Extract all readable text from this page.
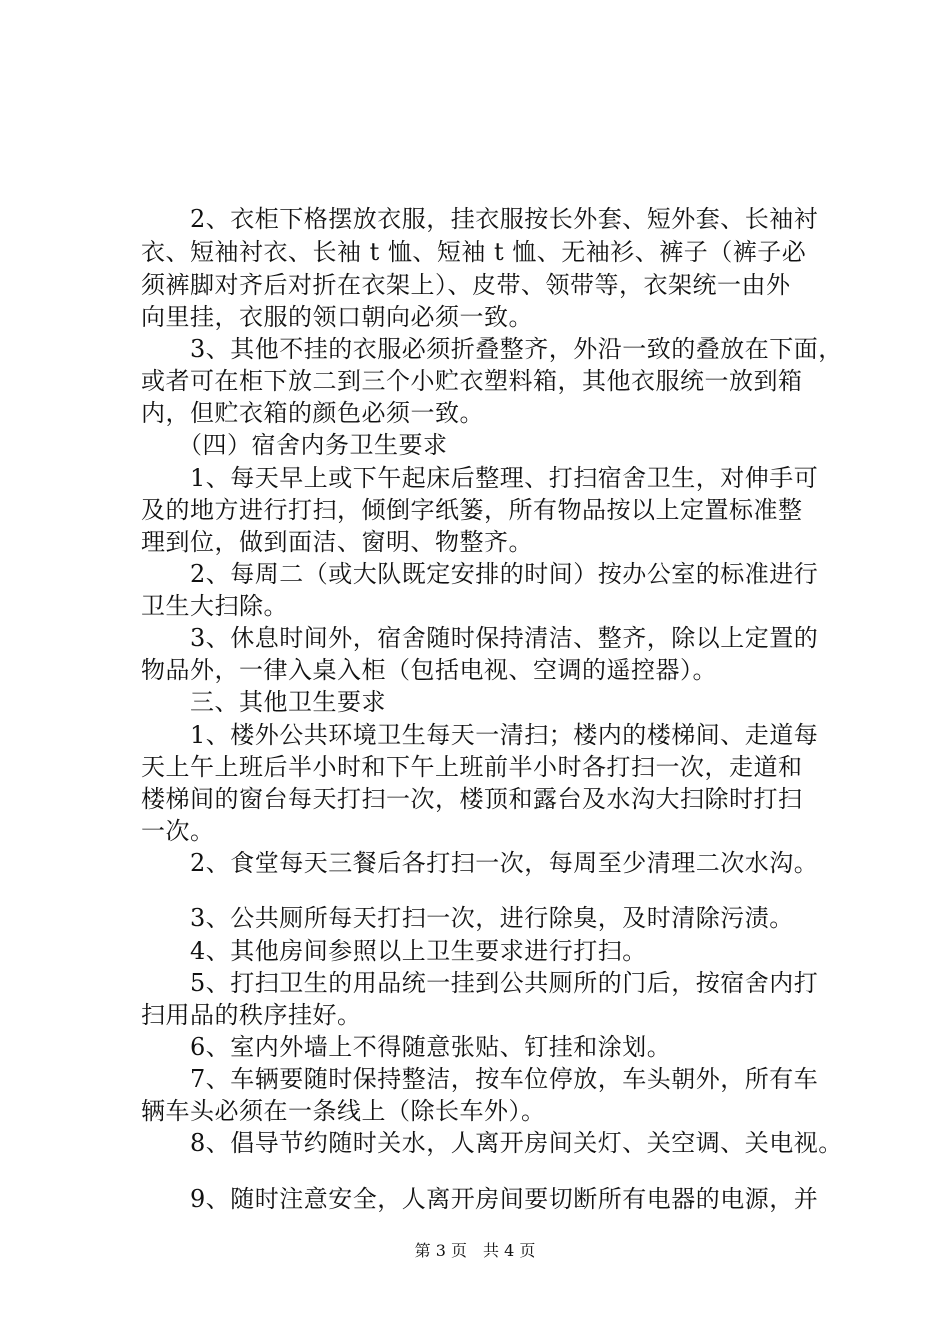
　　2、衣柜下格摆放衣服，挂衣服按长外套、短外套、长袖衬
衣、短袖衬衣、长袖 t 恤、短袖 t 恤、无袖衫、裤子（裤子必
须裤脚对齐后对折在衣架上）、皮带、领带等，衣架统一由外
向里挂，衣服的领口朝向必须一致。
　　3、其他不挂的衣服必须折叠整齐，外沿一致的叠放在下面，
或者可在柜下放二到三个小贮衣塑料箱，其他衣服统一放到箱
内，但贮衣箱的颜色必须一致。
　　（四）宿舍内务卫生要求
　　1、每天早上或下午起床后整理、打扫宿舍卫生，对伸手可
及的地方进行打扫，倾倒字纸篓，所有物品按以上定置标准整
理到位，做到面洁、窗明、物整齐。
　　2、每周二（或大队既定安排的时间）按办公室的标准进行
卫生大扫除。
　　3、休息时间外，宿舍随时保持清洁、整齐，除以上定置的
物品外，一律入桌入柜（包括电视、空调的遥控器）。
　　三、其他卫生要求
　　1、楼外公共环境卫生每天一清扫；楼内的楼梯间、走道每
天上午上班后半小时和下午上班前半小时各打扫一次，走道和
楼梯间的窗台每天打扫一次，楼顶和露台及水沟大扫除时打扫
一次。
　　2、食堂每天三餐后各打扫一次，每周至少清理二次水沟。
　　3、公共厕所每天打扫一次，进行除臭，及时清除污渍。
　　4、其他房间参照以上卫生要求进行打扫。
　　5、打扫卫生的用品统一挂到公共厕所的门后，按宿舍内打
扫用品的秩序挂好。
　　6、室内外墙上不得随意张贴、钉挂和涂划。
　　7、车辆要随时保持整洁，按车位停放，车头朝外，所有车
辆车头必须在一条线上（除长车外）。
　　8、倡导节约随时关水，人离开房间关灯、关空调、关电视。
　　9、随时注意安全，人离开房间要切断所有电器的电源，并
第 3 页　共 4 页
